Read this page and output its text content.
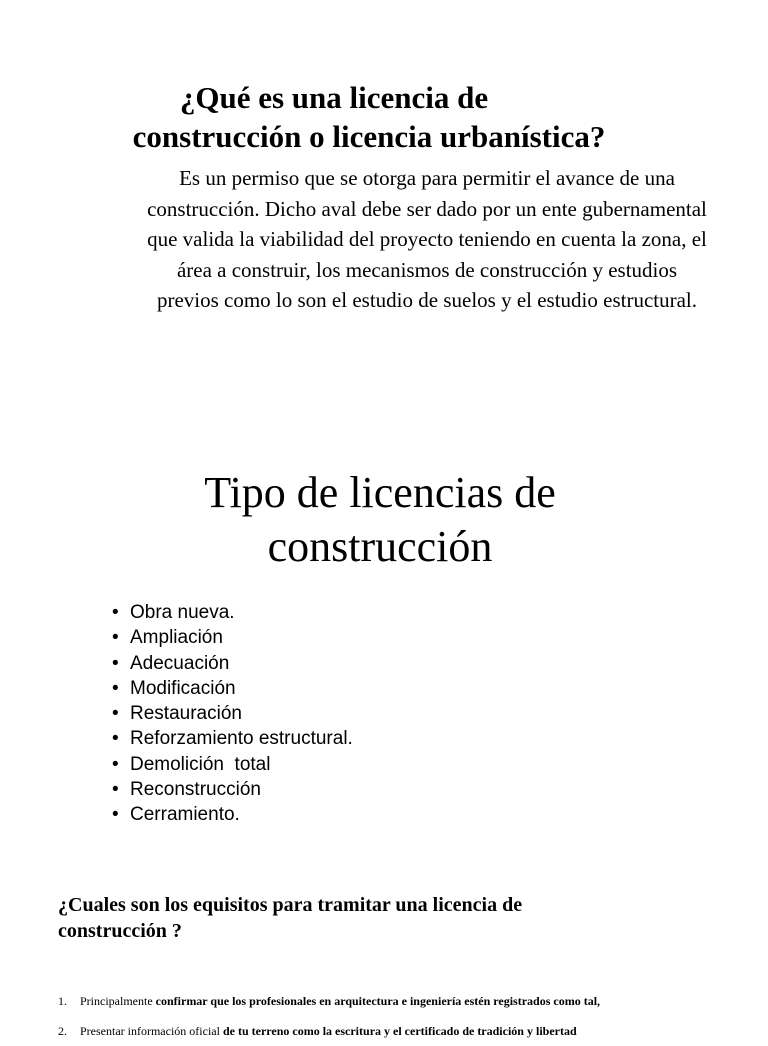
¿Qué es una licencia de
construcción o licencia urbanística?
Es un permiso que se otorga para permitir el avance de una
construcción. Dicho aval debe ser dado por un ente gubernamental
que valida la viabilidad del proyecto teniendo en cuenta la zona, el
área a construir, los mecanismos de construcción y estudios
previos como lo son el estudio de suelos y el estudio estructural.
Tipo de licencias de
construcción
• Obra nueva.
• Ampliación
• Adecuación
• Modificación
• Restauración
• Reforzamiento estructural.
• Demolición  total
• Reconstrucción
• Cerramiento.
¿Cuales son los equisitos para tramitar una licencia de
construcción ?
1. Principalmente confirmar que los profesionales en arquitectura e ingeniería estén registrados como tal,
2. Presentar información oficial de tu terreno como la escritura y el certificado de tradición y libertad
